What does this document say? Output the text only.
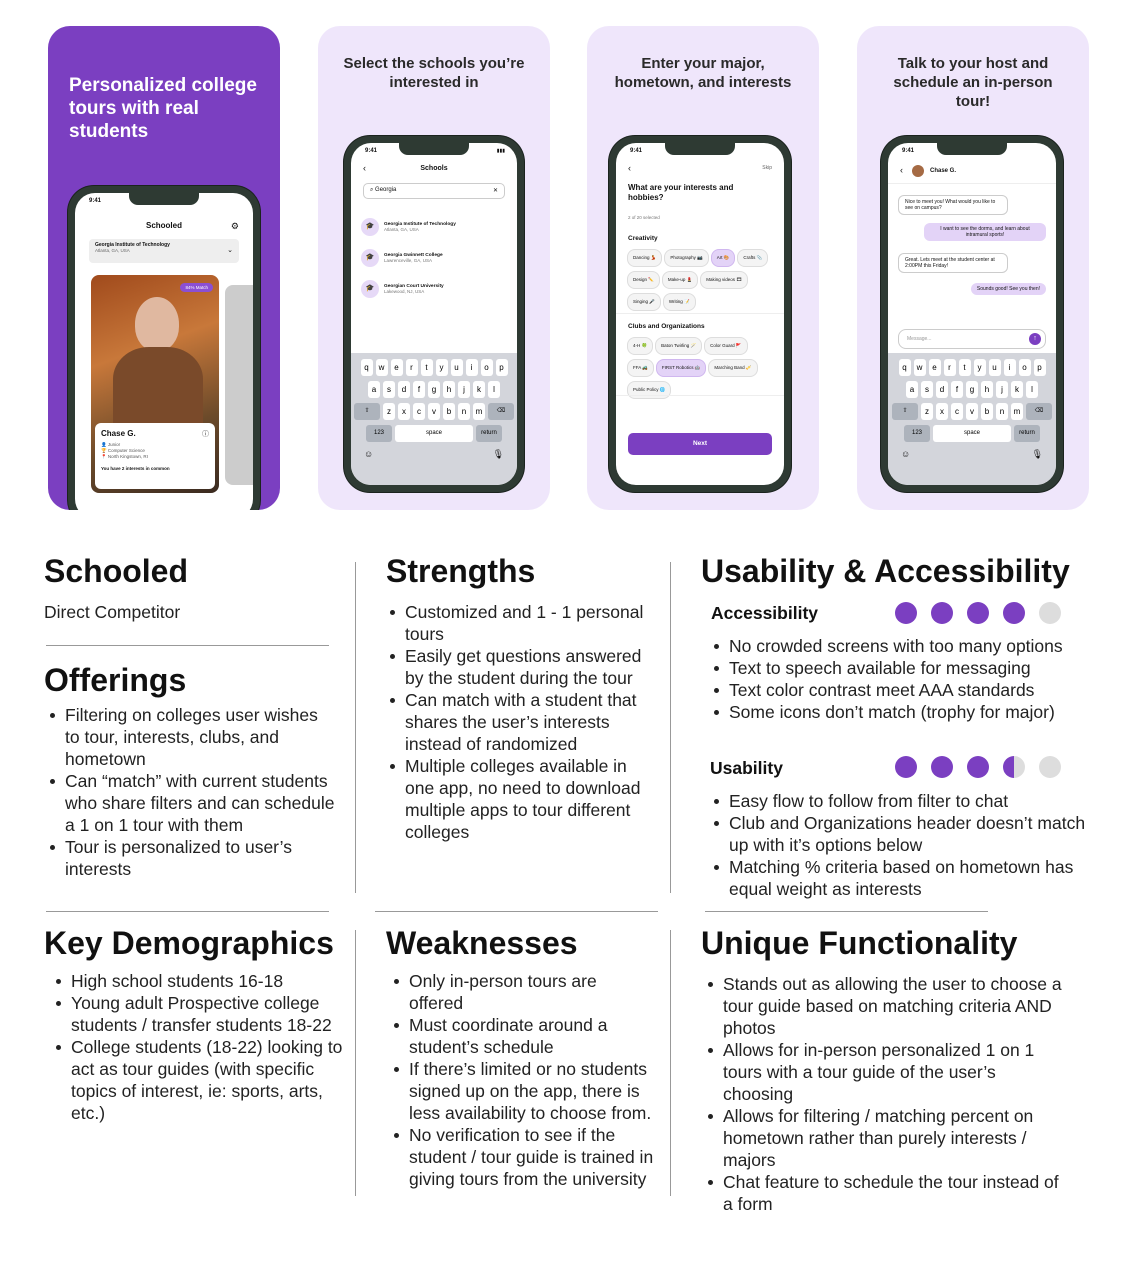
Personalized college tours with real students
9:41
Schooled	⚙
Georgia Institute of Technology
Atlanta, GA, USA	⌄
84% Match
Chase G.	ⓘ
👤 Junior
🏆 Computer Science
📍 North Kingstown, RI
You have 2 interests in common
Select the schools you’re interested in
9:41	▮▮▮
‹	Schools
⌕ Georgia	✕
🎓	Georgia Institute of Technology
Atlanta, GA, USA
🎓	Georgia Gwinnett College
Lawrenceville, GA, USA
🎓	Georgian Court University
Lakewood, NJ, USA
q	w	e	r	t	y	u	i	o	p
a	s	d	f	g	h	j	k	l
⇧	z	x	c	v	b	n	m	⌫
123	space	return
☺	🎙
Enter your major, hometown, and interests
9:41
‹	Skip
What are your interests and hobbies?
2 of 20 selected
Creativity
Dancing 💃	Photography 📷	Art 🎨	Crafts 📎Design ✏️	Make-up 💄	Making videos 🎞Singing 🎤	Writing 📝
Clubs and Organizations
4-H 🍀	Baton Twirling 🪄	Color Guard 🚩FFA 🚜	FIRST Robotics 🤖	Marching Band 🎺Public Policy 🌐
Next
Talk to your host and schedule an in-person tour!
9:41
‹	Chase G.
Nice to meet you! What would you like to see on campus?
I want to see the dorms, and learn about intramural sports!
Great. Lets meet at the student center at 2:00PM this Friday!
Sounds good! See you then!
Message...	↑
q	w	e	r	t	y	u	i	o	p
a	s	d	f	g	h	j	k	l
⇧	z	x	c	v	b	n	m	⌫
123	space	return
☺	🎙
Schooled
Direct Competitor
Offerings
Filtering on colleges user wishes to tour, interests, clubs, and hometown
Can “match” with current students who share filters and can schedule a 1 on 1 tour with them
Tour is personalized to user’s interests
Key Demographics
High school students 16-18
Young adult Prospective college students / transfer students 18-22
College students (18-22) looking to act as tour guides (with specific topics of interest, ie: sports, arts, etc.)
Strengths
Customized and 1 - 1 personal tours
Easily get questions answered by the student during the tour
Can match with a student that shares the user’s interests instead of randomized
Multiple colleges available in one app, no need to download multiple apps to tour different colleges
Weaknesses
Only in-person tours are offered
Must coordinate around a student’s schedule
If there’s limited or no students signed up on the app, there is less availability to choose from.
No verification to see if the student / tour guide is trained in giving tours from the university
Usability & Accessibility
Accessibility
No crowded screens with too many options
Text to speech available for messaging
Text color contrast meet AAA standards
Some icons don’t match (trophy for major)
Usability
Easy flow to follow from filter to chat
Club and Organizations header doesn’t match up with it’s options below
Matching % criteria based on hometown has equal weight as interests
Unique Functionality
Stands out as allowing the user to choose a tour guide based on matching criteria AND photos
Allows for in-person personalized 1 on 1 tours with a tour guide of the user’s choosing
Allows for filtering / matching percent on hometown rather than purely interests / majors
Chat feature to schedule the tour instead of a form
